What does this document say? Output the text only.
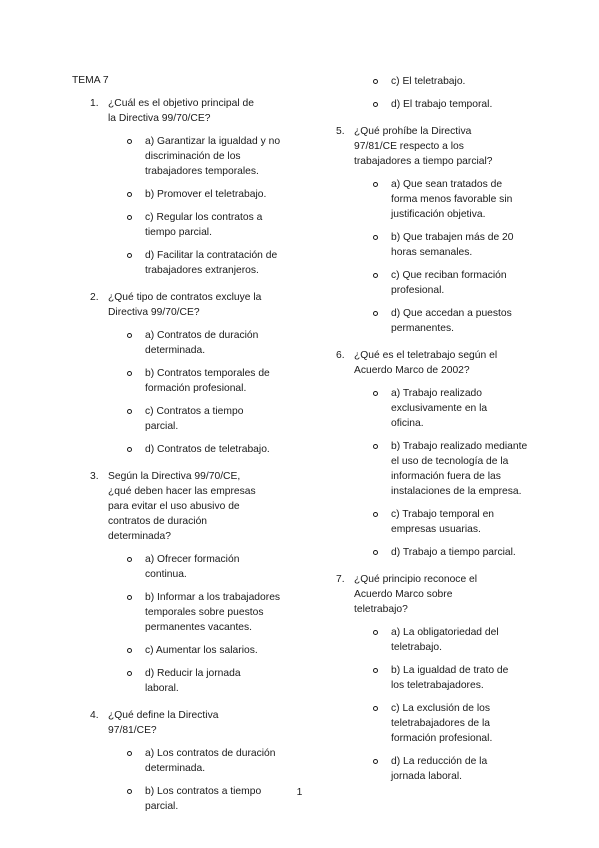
TEMA 7
1. ¿Cuál es el objetivo principal de la Directiva 99/70/CE?
a) Garantizar la igualdad y no discriminación de los trabajadores temporales.
b) Promover el teletrabajo.
c) Regular los contratos a tiempo parcial.
d) Facilitar la contratación de trabajadores extranjeros.
2. ¿Qué tipo de contratos excluye la Directiva 99/70/CE?
a) Contratos de duración determinada.
b) Contratos temporales de formación profesional.
c) Contratos a tiempo parcial.
d) Contratos de teletrabajo.
3. Según la Directiva 99/70/CE, ¿qué deben hacer las empresas para evitar el uso abusivo de contratos de duración determinada?
a) Ofrecer formación continua.
b) Informar a los trabajadores temporales sobre puestos permanentes vacantes.
c) Aumentar los salarios.
d) Reducir la jornada laboral.
4. ¿Qué define la Directiva 97/81/CE?
a) Los contratos de duración determinada.
b) Los contratos a tiempo parcial.
c) El teletrabajo.
d) El trabajo temporal.
5. ¿Qué prohíbe la Directiva 97/81/CE respecto a los trabajadores a tiempo parcial?
a) Que sean tratados de forma menos favorable sin justificación objetiva.
b) Que trabajen más de 20 horas semanales.
c) Que reciban formación profesional.
d) Que accedan a puestos permanentes.
6. ¿Qué es el teletrabajo según el Acuerdo Marco de 2002?
a) Trabajo realizado exclusivamente en la oficina.
b) Trabajo realizado mediante el uso de tecnología de la información fuera de las instalaciones de la empresa.
c) Trabajo temporal en empresas usuarias.
d) Trabajo a tiempo parcial.
7. ¿Qué principio reconoce el Acuerdo Marco sobre teletrabajo?
a) La obligatoriedad del teletrabajo.
b) La igualdad de trato de los teletrabajadores.
c) La exclusión de los teletrabajadores de la formación profesional.
d) La reducción de la jornada laboral.
1
